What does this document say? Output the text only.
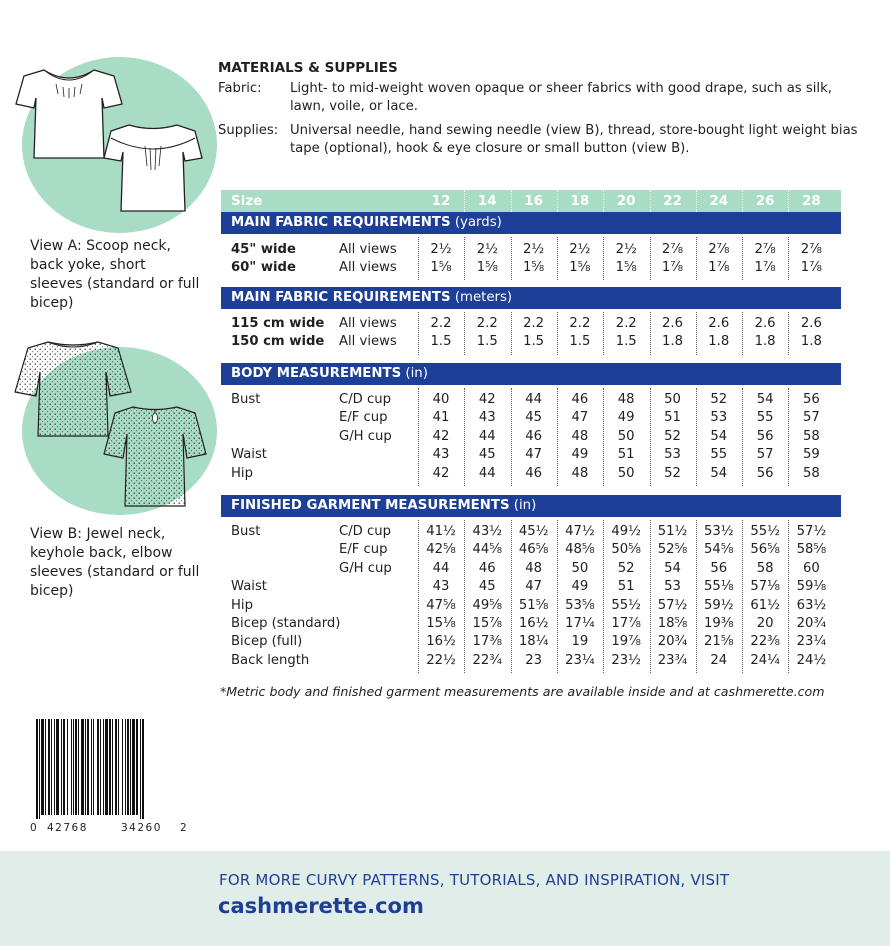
View A: Scoop neck, back yoke, short sleeves (standard or full bicep)
View B: Jewel neck, keyhole back, elbow sleeves (standard or full bicep)
MATERIALS & SUPPLIES
Fabric:	Light- to mid-weight woven opaque or sheer fabrics with good drape, such as silk, lawn, voile, or lace.
Supplies: Universal needle, hand sewing needle (view B), thread, store-bought light weight bias tape (optional), hook & eye closure or small button (view B).
Size	12	14	16	18	20	22	24	26	28
MAIN FABRIC REQUIREMENTS (yards)
45" wide	All views	2½	2½	2½	2½	2½	2⅞	2⅞	2⅞	2⅞
60" wide	All views	1⅝	1⅝	1⅝	1⅝	1⅝	1⅞	1⅞	1⅞	1⅞
MAIN FABRIC REQUIREMENTS (meters)
115 cm wide All views	2.2	2.2	2.2	2.2	2.2	2.6	2.6	2.6	2.6
150 cm wide All views	1.5	1.5	1.5	1.5	1.5	1.8	1.8	1.8	1.8
BODY MEASUREMENTS (in)
Bust	C/D cup	40	42	44	46	48	50	52	54	56
E/F cup	41	43	45	47	49	51	53	55	57
G/H cup	42	44	46	48	50	52	54	56	58
Waist	43	45	47	49	51	53	55	57	59
Hip	42	44	46	48	50	52	54	56	58
FINISHED GARMENT MEASUREMENTS (in)
Bust	C/D cup	41½	43½	45½	47½	49½	51½	53½	55½	57½
E/F cup	42⅝	44⅝	46⅝	48⅝	50⅝	52⅝	54⅝	56⅝	58⅝
G/H cup	44	46	48	50	52	54	56	58	60
Waist	43	45	47	49	51	53	55⅛	57⅛	59⅛
Hip	47⅝	49⅝	51⅝	53⅝	55½	57½	59½	61½	63½
Bicep (standard)	15⅛	15⅞	16½	17¼	17⅞	18⅝	19⅜	20	20¾
Bicep (full)	16½	17⅜	18¼	19	19⅞	20¾	21⅝	22⅜	23¼
Back length	22½	22¾	23	23¼	23½	23¾	24	24¼	24½
*Metric body and finished garment measurements are available inside and at cashmerette.com
0 42768	34260 2
FOR MORE CURVY PATTERNS, TUTORIALS, AND INSPIRATION, VISIT
cashmerette.com
